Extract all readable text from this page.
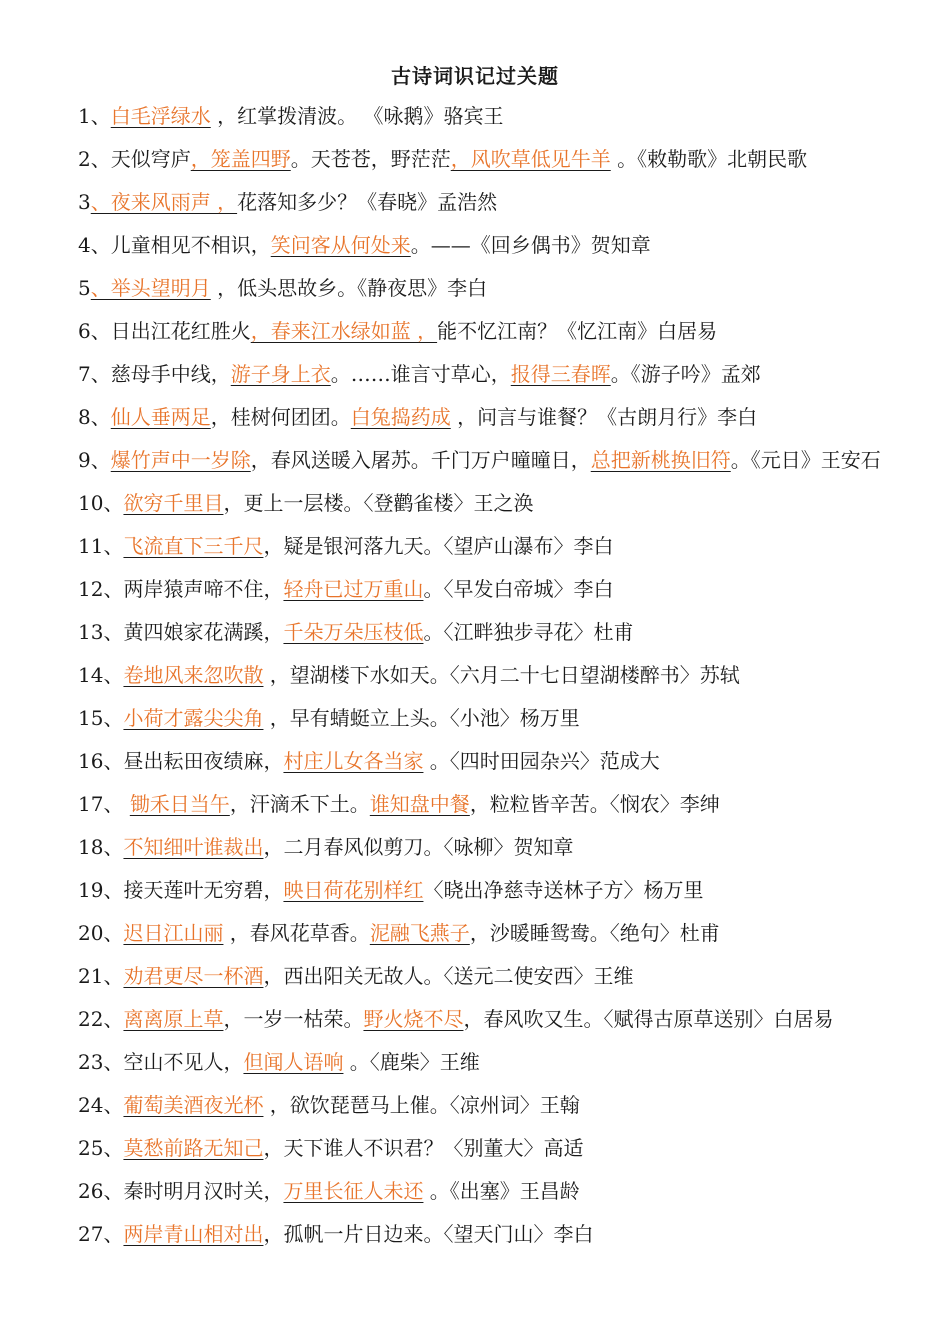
古诗词识记过关题
1、白毛浮绿水 ，红掌拨清波。 《咏鹅》骆宾王
2、天似穹庐，笼盖四野。天苍苍，野茫茫，风吹草低见牛羊 。《敕勒歌》北朝民歌
3、夜来风雨声 ，花落知多少？《春晓》孟浩然
4、儿童相见不相识，笑问客从何处来。——《回乡偶书》贺知章
5、举头望明月 ，低头思故乡。《静夜思》李白
6、日出江花红胜火，春来江水绿如蓝 ，能不忆江南？《忆江南》白居易
7、慈母手中线，游子身上衣。……谁言寸草心，报得三春晖。《游子吟》孟郊
8、仙人垂两足，桂树何团团。白兔捣药成 ，问言与谁餐？《古朗月行》李白
9、爆竹声中一岁除，春风送暖入屠苏。千门万户曈曈日，总把新桃换旧符。《元日》王安石
10、欲穷千里目，更上一层楼。〈登鹳雀楼〉王之涣
11、飞流直下三千尺，疑是银河落九天。〈望庐山瀑布〉李白
12、两岸猿声啼不住，轻舟已过万重山。〈早发白帝城〉李白
13、黄四娘家花满蹊，千朵万朵压枝低。〈江畔独步寻花〉杜甫
14、卷地风来忽吹散 ，望湖楼下水如天。〈六月二十七日望湖楼醉书〉苏轼
15、小荷才露尖尖角 ，早有蜻蜓立上头。〈小池〉杨万里
16、昼出耘田夜绩麻，村庄儿女各当家 。〈四时田园杂兴〉范成大
17、 锄禾日当午，汗滴禾下土。谁知盘中餐，粒粒皆辛苦。〈悯农〉李绅
18、不知细叶谁裁出，二月春风似剪刀。〈咏柳〉贺知章
19、接天莲叶无穷碧，映日荷花别样红〈晓出净慈寺送林子方〉杨万里
20、迟日江山丽 ，春风花草香。泥融飞燕子，沙暖睡鸳鸯。〈绝句〉杜甫
21、劝君更尽一杯酒，西出阳关无故人。〈送元二使安西〉王维
22、离离原上草，一岁一枯荣。野火烧不尽，春风吹又生。〈赋得古原草送别〉白居易
23、空山不见人，但闻人语响 。〈鹿柴〉王维
24、葡萄美酒夜光杯 ，欲饮琵琶马上催。〈凉州词〉王翰
25、莫愁前路无知己，天下谁人不识君？〈别董大〉高适
26、秦时明月汉时关，万里长征人未还 。《出塞》王昌龄
27、两岸青山相对出，孤帆一片日边来。〈望天门山〉李白
